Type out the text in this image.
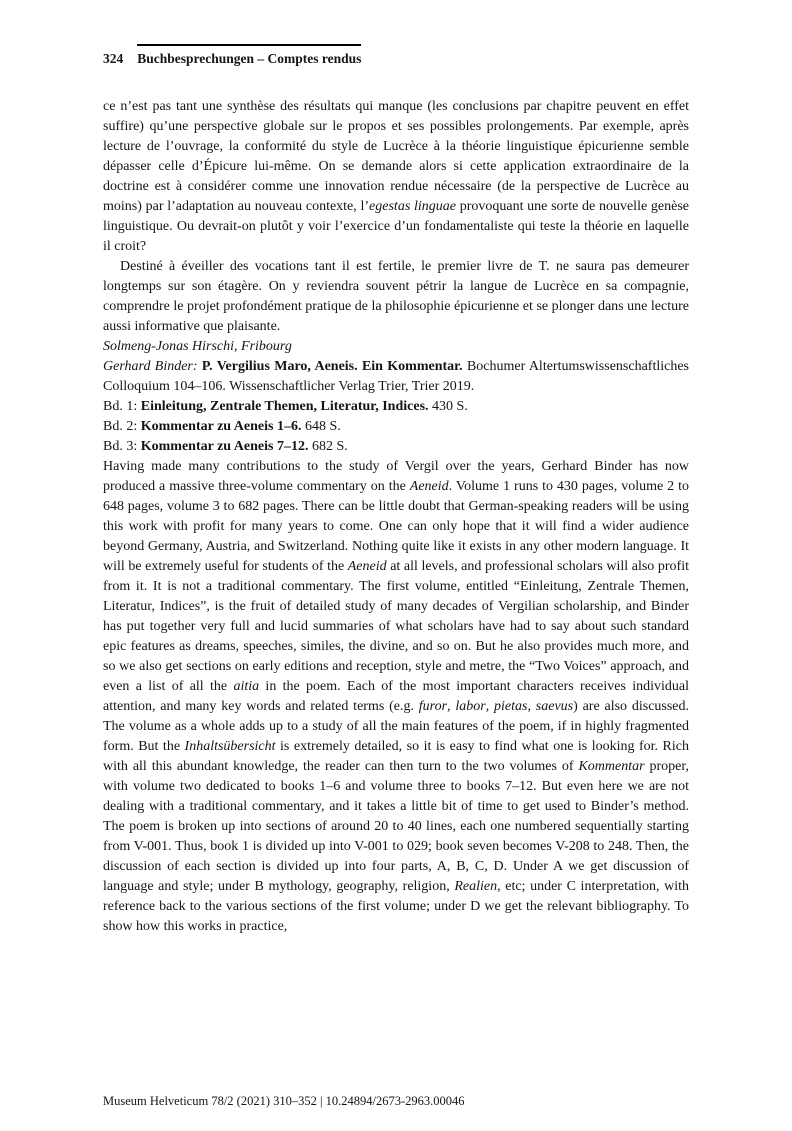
324 Buchbesprechungen – Comptes rendus

ce n’est pas tant une synthèse des résultats qui manque (les conclusions par chapitre peuvent en effet suffire) qu’une perspective globale sur le propos et ses possibles prolongements. Par exemple, après lecture de l’ouvrage, la conformité du style de Lucrèce à la théorie linguistique épicurienne semble dépasser celle d’Épicure lui-même. On se demande alors si cette application extraordinaire de la doctrine est à considérer comme une innovation rendue nécessaire (de la perspective de Lucrèce au moins) par l’adaptation au nouveau contexte, l’egestas linguae provoquant une sorte de nouvelle genèse linguistique. Ou devrait-on plutôt y voir l’exercice d’un fondamentaliste qui teste la théorie en laquelle il croit?

Destiné à éveiller des vocations tant il est fertile, le premier livre de T. ne saura pas demeurer longtemps sur son étagère. On y reviendra souvent pétrir la langue de Lucrèce en sa compagnie, comprendre le projet profondément pratique de la philosophie épicurienne et se plonger dans une lecture aussi informative que plaisante.

Solmeng-Jonas Hirschi, Fribourg

Gerhard Binder: P. Vergilius Maro, Aeneis. Ein Kommentar. Bochumer Altertumswissenschaftliches Colloquium 104–106. Wissenschaftlicher Verlag Trier, Trier 2019.

Bd. 1: Einleitung, Zentrale Themen, Literatur, Indices. 430 S.

Bd. 2: Kommentar zu Aeneis 1–6. 648 S.

Bd. 3: Kommentar zu Aeneis 7–12. 682 S.

Having made many contributions to the study of Vergil over the years, Gerhard Binder has now produced a massive three-volume commentary on the Aeneid. Volume 1 runs to 430 pages, volume 2 to 648 pages, volume 3 to 682 pages. There can be little doubt that German-speaking readers will be using this work with profit for many years to come. One can only hope that it will find a wider audience beyond Germany, Austria, and Switzerland. Nothing quite like it exists in any other modern language. It will be extremely useful for students of the Aeneid at all levels, and professional scholars will also profit from it. It is not a traditional commentary. The first volume, entitled “Einleitung, Zentrale Themen, Literatur, Indices”, is the fruit of detailed study of many decades of Vergilian scholarship, and Binder has put together very full and lucid summaries of what scholars have had to say about such standard epic features as dreams, speeches, similes, the divine, and so on. But he also provides much more, and so we also get sections on early editions and reception, style and metre, the “Two Voices” approach, and even a list of all the aitia in the poem. Each of the most important characters receives individual attention, and many key words and related terms (e.g. furor, labor, pietas, saevus) are also discussed. The volume as a whole adds up to a study of all the main features of the poem, if in highly fragmented form. But the Inhaltsübersicht is extremely detailed, so it is easy to find what one is looking for. Rich with all this abundant knowledge, the reader can then turn to the two volumes of Kommentar proper, with volume two dedicated to books 1–6 and volume three to books 7–12. But even here we are not dealing with a traditional commentary, and it takes a little bit of time to get used to Binder’s method. The poem is broken up into sections of around 20 to 40 lines, each one numbered sequentially starting from V-001. Thus, book 1 is divided up into V-001 to 029; book seven becomes V-208 to 248. Then, the discussion of each section is divided up into four parts, A, B, C, D. Under A we get discussion of language and style; under B mythology, geography, religion, Realien, etc; under C interpretation, with reference back to the various sections of the first volume; under D we get the relevant bibliography. To show how this works in practice,

Museum Helveticum 78/2 (2021) 310–352 | 10.24894/2673-2963.00046
